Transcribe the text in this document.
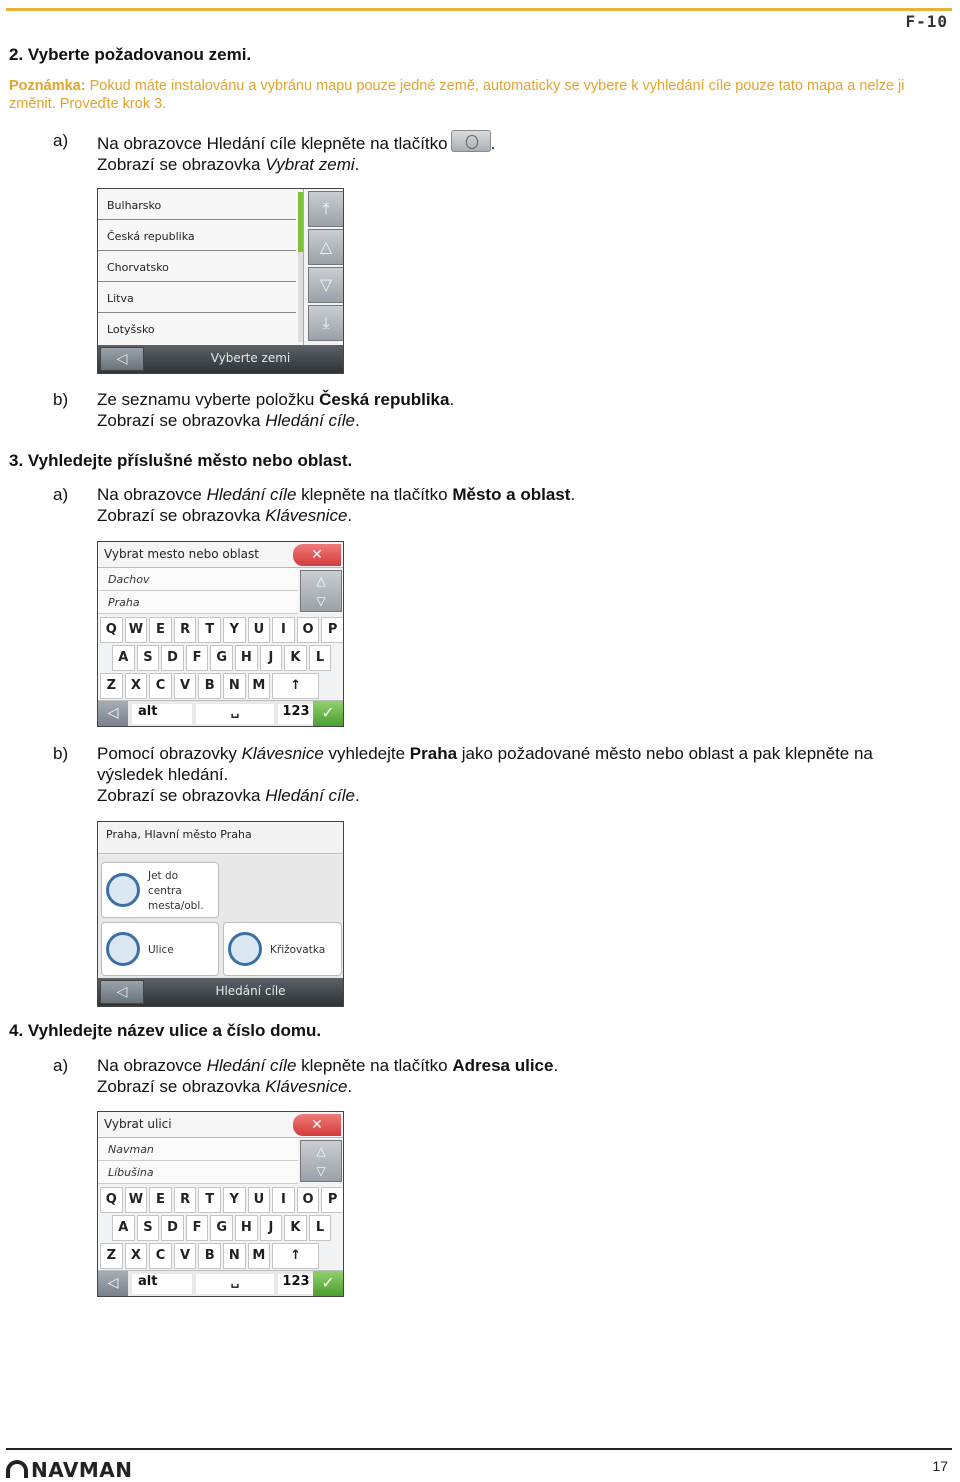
F-10
2. Vyberte požadovanou zemi.
Poznámka: Pokud máte instalovánu a vybránu mapu pouze jedné země, automaticky se vybere k vyhledání cíle pouze tato mapa a nelze ji změnit. Proveďte krok 3.
a) Na obrazovce Hledání cíle klepněte na tlačítko	.
Zobrazí se obrazovka Vybrat zemi.
Bulharsko
Česká republika
Chorvatsko
Litva
Lotyšsko
⤒
△
▽
⤓
◁	Vyberte zemi
b) Ze seznamu vyberte položku Česká republika.
Zobrazí se obrazovka Hledání cíle.
3. Vyhledejte příslušné město nebo oblast.
a) Na obrazovce Hledání cíle klepněte na tlačítko Město a oblast.
Zobrazí se obrazovka Klávesnice.
Vybrat mesto nebo oblast	✕
Dachov
Praha
△
▽
Q W E	R	T	Y	U	I	O	P
A	S	D	F	G	H	J	K	L
Z	X	C	V	B	N M	↑
◁	alt	␣	123 ✓
b) Pomocí obrazovky Klávesnice vyhledejte Praha jako požadované město nebo oblast a pak klepněte na výsledek hledání.
Zobrazí se obrazovka Hledání cíle.
Praha, Hlavní město Praha
Jet do
centra
mesta/obl.
Ulice	Křižovatka
◁	Hledání cíle
4. Vyhledejte název ulice a číslo domu.
a) Na obrazovce Hledání cíle klepněte na tlačítko Adresa ulice.
Zobrazí se obrazovka Klávesnice.
Vybrat ulici	✕
Navman
Líbušina
△
▽
Q W E	R	T	Y	U	I	O	P
A	S	D	F	G	H	J	K	L
Z	X	C	V	B	N M	↑
◁	alt	␣	123 ✓
NAVMAN	17
